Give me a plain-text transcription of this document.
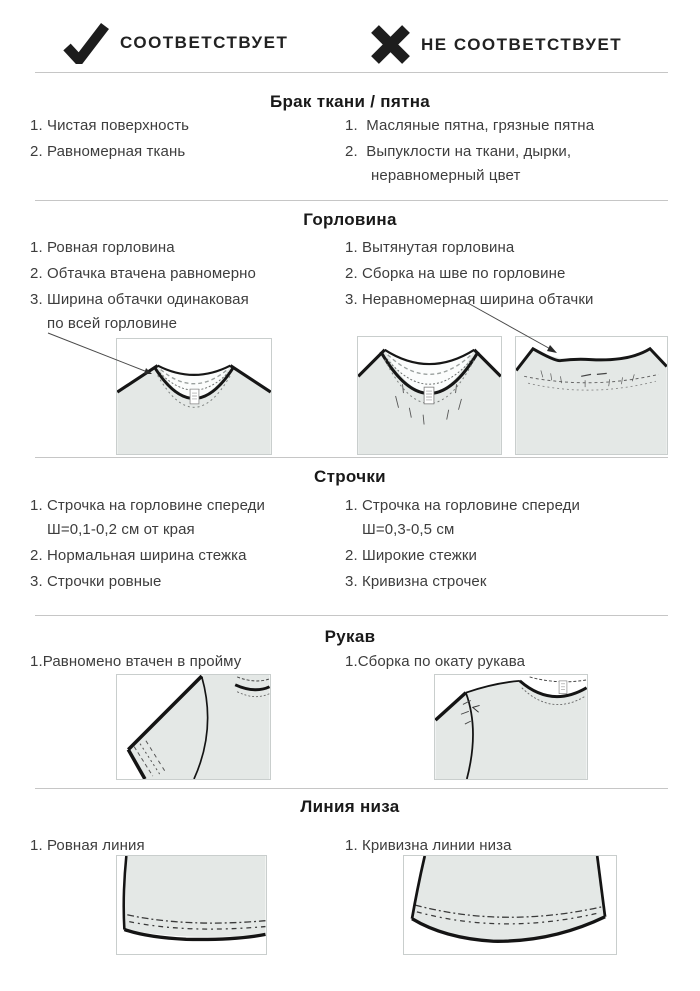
СООТВЕТСТВУЕТ	НЕ СООТВЕТСТВУЕТ
Брак ткани / пятна
1. Чистая поверхность
2. Равномерная ткань
1.  Масляные пятна, грязные пятна
2.  Выпуклости на ткани, дырки,
неравномерный цвет
Горловина
1. Ровная горловина
2. Обтачка втачена равномерно
3. Ширина обтачки одинаковая
по всей горловине
1. Вытянутая горловина
2. Сборка на шве по горловине
3. Неравномерная ширина обтачки
Строчки
1. Строчка на горловине спереди
Ш=0,1-0,2 см от края
2. Нормальная ширина стежка
3. Строчки ровные
1. Строчка на горловине спереди
Ш=0,3-0,5 см
2. Широкие стежки
3. Кривизна строчек
Рукав
1.Равномено втачен в пройму	1.Сборка по окату рукава
Линия низа
1. Ровная линия	1. Кривизна линии низа
